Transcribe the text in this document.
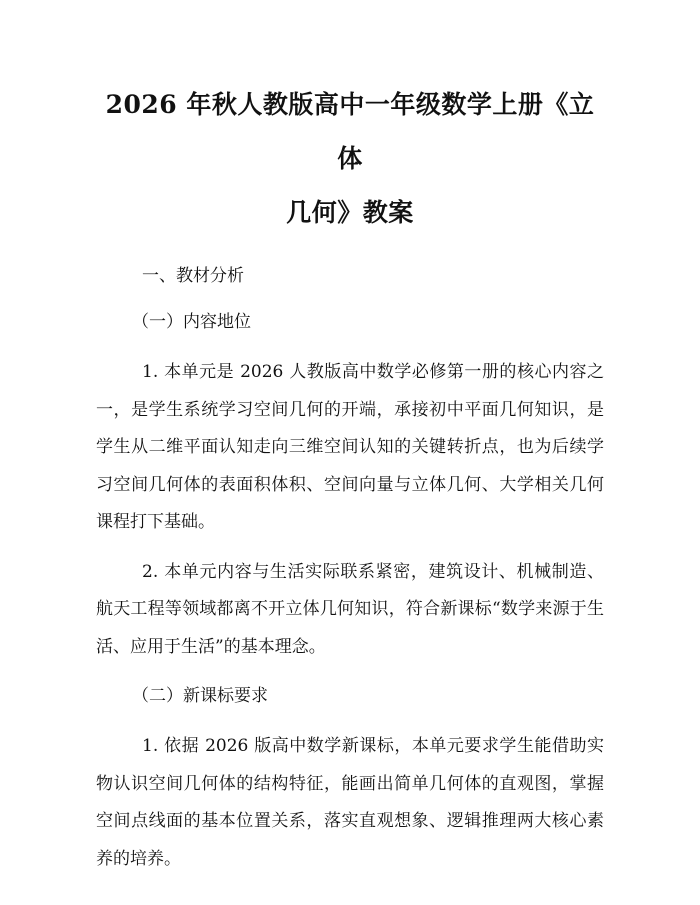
2026 年秋人教版高中一年级数学上册《立体
几何》教案
一、教材分析
（一）内容地位

1. 本单元是 2026 人教版高中数学必修第一册的核心内容之一，是学生系统学习空间几何的开端，承接初中平面几何知识，是学生从二维平面认知走向三维空间认知的关键转折点，也为后续学习空间几何体的表面积体积、空间向量与立体几何、大学相关几何课程打下基础。

2. 本单元内容与生活实际联系紧密，建筑设计、机械制造、航天工程等领域都离不开立体几何知识，符合新课标“数学来源于生活、应用于生活”的基本理念。

（二）新课标要求

1. 依据 2026 版高中数学新课标，本单元要求学生能借助实物认识空间几何体的结构特征，能画出简单几何体的直观图，掌握空间点线面的基本位置关系，落实直观想象、逻辑推理两大核心素养的培养。
